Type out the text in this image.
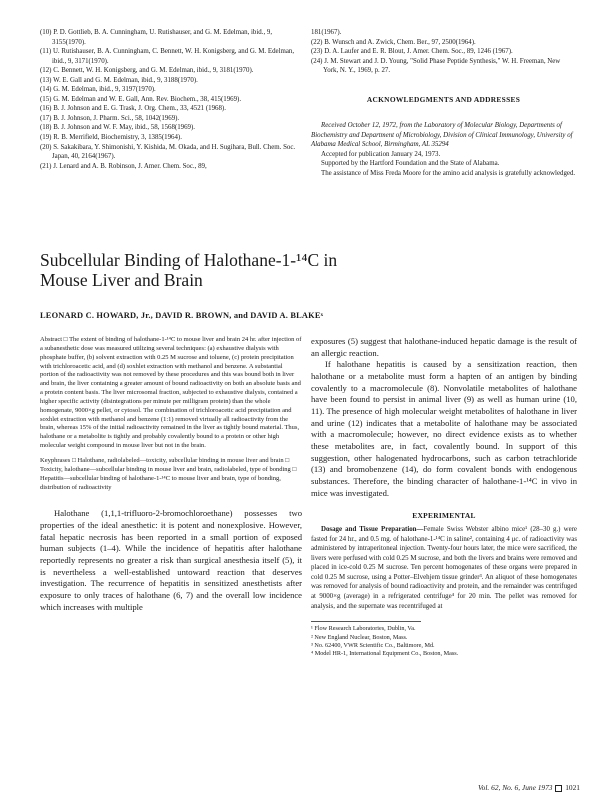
(10) P. D. Gottlieb, B. A. Cunningham, U. Rutishauser, and G. M. Edelman, ibid., 9, 3155(1970).

(11) U. Rutishauser, B. A. Cunningham, C. Bennett, W. H. Konigsberg, and G. M. Edelman, ibid., 9, 3171(1970).

(12) C. Bennett, W. H. Konigsberg, and G. M. Edelman, ibid., 9, 3181(1970).

(13) W. E. Gall and G. M. Edelman, ibid., 9, 3188(1970).

(14) G. M. Edelman, ibid., 9, 3197(1970).

(15) G. M. Edelman and W. E. Gall, Ann. Rev. Biochem., 38, 415(1969).

(16) B. J. Johnson and E. G. Trask, J. Org. Chem., 33, 4521 (1968).

(17) B. J. Johnson, J. Pharm. Sci., 58, 1042(1969).

(18) B. J. Johnson and W. F. May, ibid., 58, 1568(1969).

(19) R. B. Merrifield, Biochemistry, 3, 1385(1964).

(20) S. Sakakibara, Y. Shimonishi, Y. Kishida, M. Okada, and H. Sugihara, Bull. Chem. Soc. Japan, 40, 2164(1967).

(21) J. Lenard and A. B. Robinson, J. Amer. Chem. Soc., 89,

181(1967).

(22) B. Wunsch and A. Zwick, Chem. Ber., 97, 2500(1964).

(23) D. A. Laufer and E. R. Blout, J. Amer. Chem. Soc., 89, 1246 (1967).

(24) J. M. Stewart and J. D. Young, "Solid Phase Peptide Synthesis," W. H. Freeman, New York, N. Y., 1969, p. 27.

ACKNOWLEDGMENTS AND ADDRESSES

Received October 12, 1972, from the Laboratory of Molecular Biology, Departments of Biochemistry and Department of Microbiology, Division of Clinical Immunology, University of Alabama Medical School, Birmingham, AL 35294

Accepted for publication January 24, 1973.

Supported by the Hartford Foundation and the State of Alabama.

The assistance of Miss Freda Moore for the amino acid analysis is gratefully acknowledged.

Subcellular Binding of Halothane-1-¹⁴C in
Mouse Liver and Brain
LEONARD C. HOWARD, Jr., DAVID R. BROWN, and DAVID A. BLAKEˣ

Abstract □ The extent of binding of halothane-1-¹⁴C to mouse liver and brain 24 hr. after injection of a subanesthetic dose was measured utilizing several techniques: (a) exhaustive dialysis with phosphate buffer, (b) solvent extraction with 0.25 M sucrose and toluene, (c) protein precipitation with trichloroacetic acid, and (d) soxhlet extraction with methanol and benzene. A substantial portion of the radioactivity was not removed by these procedures and this was bound both in liver and brain, the liver containing a greater amount of bound radioactivity on both an absolute basis and a protein content basis. The liver microsomal fraction, subjected to exhaustive dialysis, contained a higher specific activity (disintegrations per minute per milligram protein) than the whole homogenate, 9000×g pellet, or cytosol. The combination of trichloroacetic acid precipitation and soxhlet extraction with methanol and benzene (1:1) removed virtually all radioactivity from the brain, whereas 15% of the initial radioactivity remained in the liver as tightly bound material. Thus, halothane or a metabolite is tightly and probably covalently bound to a protein or other high molecular weight compound in mouse liver but not in the brain.

Keyphrases □ Halothane, radiolabeled—toxicity, subcellular binding in mouse liver and brain □ Toxicity, halothane—subcellular binding in mouse liver and brain, radiolabeled, type of bonding □ Hepatitis—subcellular binding of halothane-1-¹⁴C to mouse liver and brain, type of bonding, distribution of radioactivity

Halothane (1,1,1-trifluoro-2-bromochloroethane) possesses two properties of the ideal anesthetic: it is potent and nonexplosive. However, fatal hepatic necrosis has been reported in a small portion of exposed human subjects (1–4). While the incidence of hepatitis after halothane reportedly represents no greater a risk than surgical anesthesia itself (5), it is nevertheless a well-established untoward reaction that deserves investigation. The recurrence of hepatitis in sensitized anesthetists after exposure to only traces of halothane (6, 7) and the overall low incidence which increases with multiple

exposures (5) suggest that halothane-induced hepatic damage is the result of an allergic reaction.

If halothane hepatitis is caused by a sensitization reaction, then halothane or a metabolite must form a hapten of an antigen by binding covalently to a macromolecule (8). Nonvolatile metabolites of halothane have been found to persist in animal liver (9) as well as human urine (10, 11). The presence of high molecular weight metabolites of halothane in liver and urine (12) indicates that a metabolite of halothane may be associated with a macromolecule; however, no direct evidence exists as to whether these metabolites are, in fact, covalently bound. In support of this suggestion, other halogenated hydrocarbons, such as carbon tetrachloride (13) and bromobenzene (14), do form covalent bonds with endogenous substances. Therefore, the binding character of halothane-1-¹⁴C in vivo in mice was investigated.

EXPERIMENTAL

Dosage and Tissue Preparation—Female Swiss Webster albino mice¹ (28–30 g.) were fasted for 24 hr., and 0.5 mg. of halothane-1-¹⁴C in saline², containing 4 μc. of radioactivity was administered by intraperitoneal injection. Twenty-four hours later, the mice were sacrificed, the livers were perfused with cold 0.25 M sucrose, and both the livers and brains were removed and placed in ice-cold 0.25 M sucrose. Ten percent homogenates of these organs were prepared in cold 0.25 M sucrose, using a Potter–Elvehjem tissue grinder³. An aliquot of these homogenates was removed for analysis of bound radioactivity and protein, and the remainder was centrifuged at 9000×g (average) in a refrigerated centrifuge⁴ for 20 min. The pellet was removed for analysis, and the supernate was recentrifuged at

¹ Flow Research Laboratories, Dublin, Va.

² New England Nuclear, Boston, Mass.

³ No. 62400, VWR Scientific Co., Baltimore, Md.

⁴ Model HR-1, International Equipment Co., Boston, Mass.

Vol. 62, No. 6, June 1973 1021
